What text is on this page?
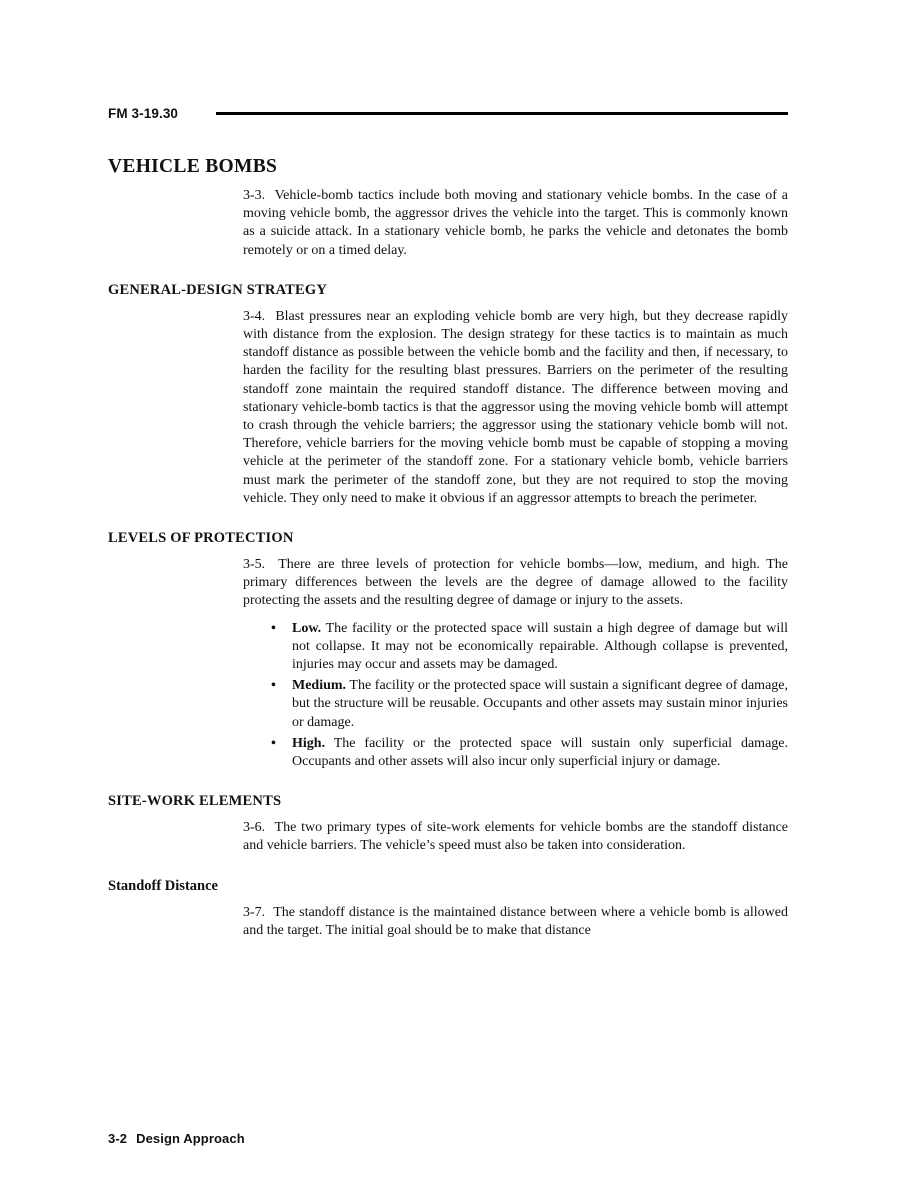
FM 3-19.30
VEHICLE BOMBS

3-3.  Vehicle-bomb tactics include both moving and stationary vehicle bombs. In the case of a moving vehicle bomb, the aggressor drives the vehicle into the target. This is commonly known as a suicide attack. In a stationary vehicle bomb, he parks the vehicle and detonates the bomb remotely or on a timed delay.

GENERAL-DESIGN STRATEGY

3-4.  Blast pressures near an exploding vehicle bomb are very high, but they decrease rapidly with distance from the explosion. The design strategy for these tactics is to maintain as much standoff distance as possible between the vehicle bomb and the facility and then, if necessary, to harden the facility for the resulting blast pressures. Barriers on the perimeter of the resulting standoff zone maintain the required standoff distance. The difference between moving and stationary vehicle-bomb tactics is that the aggressor using the moving vehicle bomb will attempt to crash through the vehicle barriers; the aggressor using the stationary vehicle bomb will not. Therefore, vehicle barriers for the moving vehicle bomb must be capable of stopping a moving vehicle at the perimeter of the standoff zone. For a stationary vehicle bomb, vehicle barriers must mark the perimeter of the standoff zone, but they are not required to stop the moving vehicle. They only need to make it obvious if an aggressor attempts to breach the perimeter.

LEVELS OF PROTECTION

3-5.  There are three levels of protection for vehicle bombs—low, medium, and high. The primary differences between the levels are the degree of damage allowed to the facility protecting the assets and the resulting degree of damage or injury to the assets.

•	Low. The facility or the protected space will sustain a high degree of damage but will not collapse. It may not be economically repairable. Although collapse is prevented, injuries may occur and assets may be damaged.
•	Medium. The facility or the protected space will sustain a significant degree of damage, but the structure will be reusable. Occupants and other assets may sustain minor injuries or damage.
•	High. The facility or the protected space will sustain only superficial damage. Occupants and other assets will also incur only superficial injury or damage.
SITE-WORK ELEMENTS

3-6.  The two primary types of site-work elements for vehicle bombs are the standoff distance and vehicle barriers. The vehicle’s speed must also be taken into consideration.

Standoff Distance

3-7.  The standoff distance is the maintained distance between where a vehicle bomb is allowed and the target. The initial goal should be to make that distance

3-2 Design Approach
